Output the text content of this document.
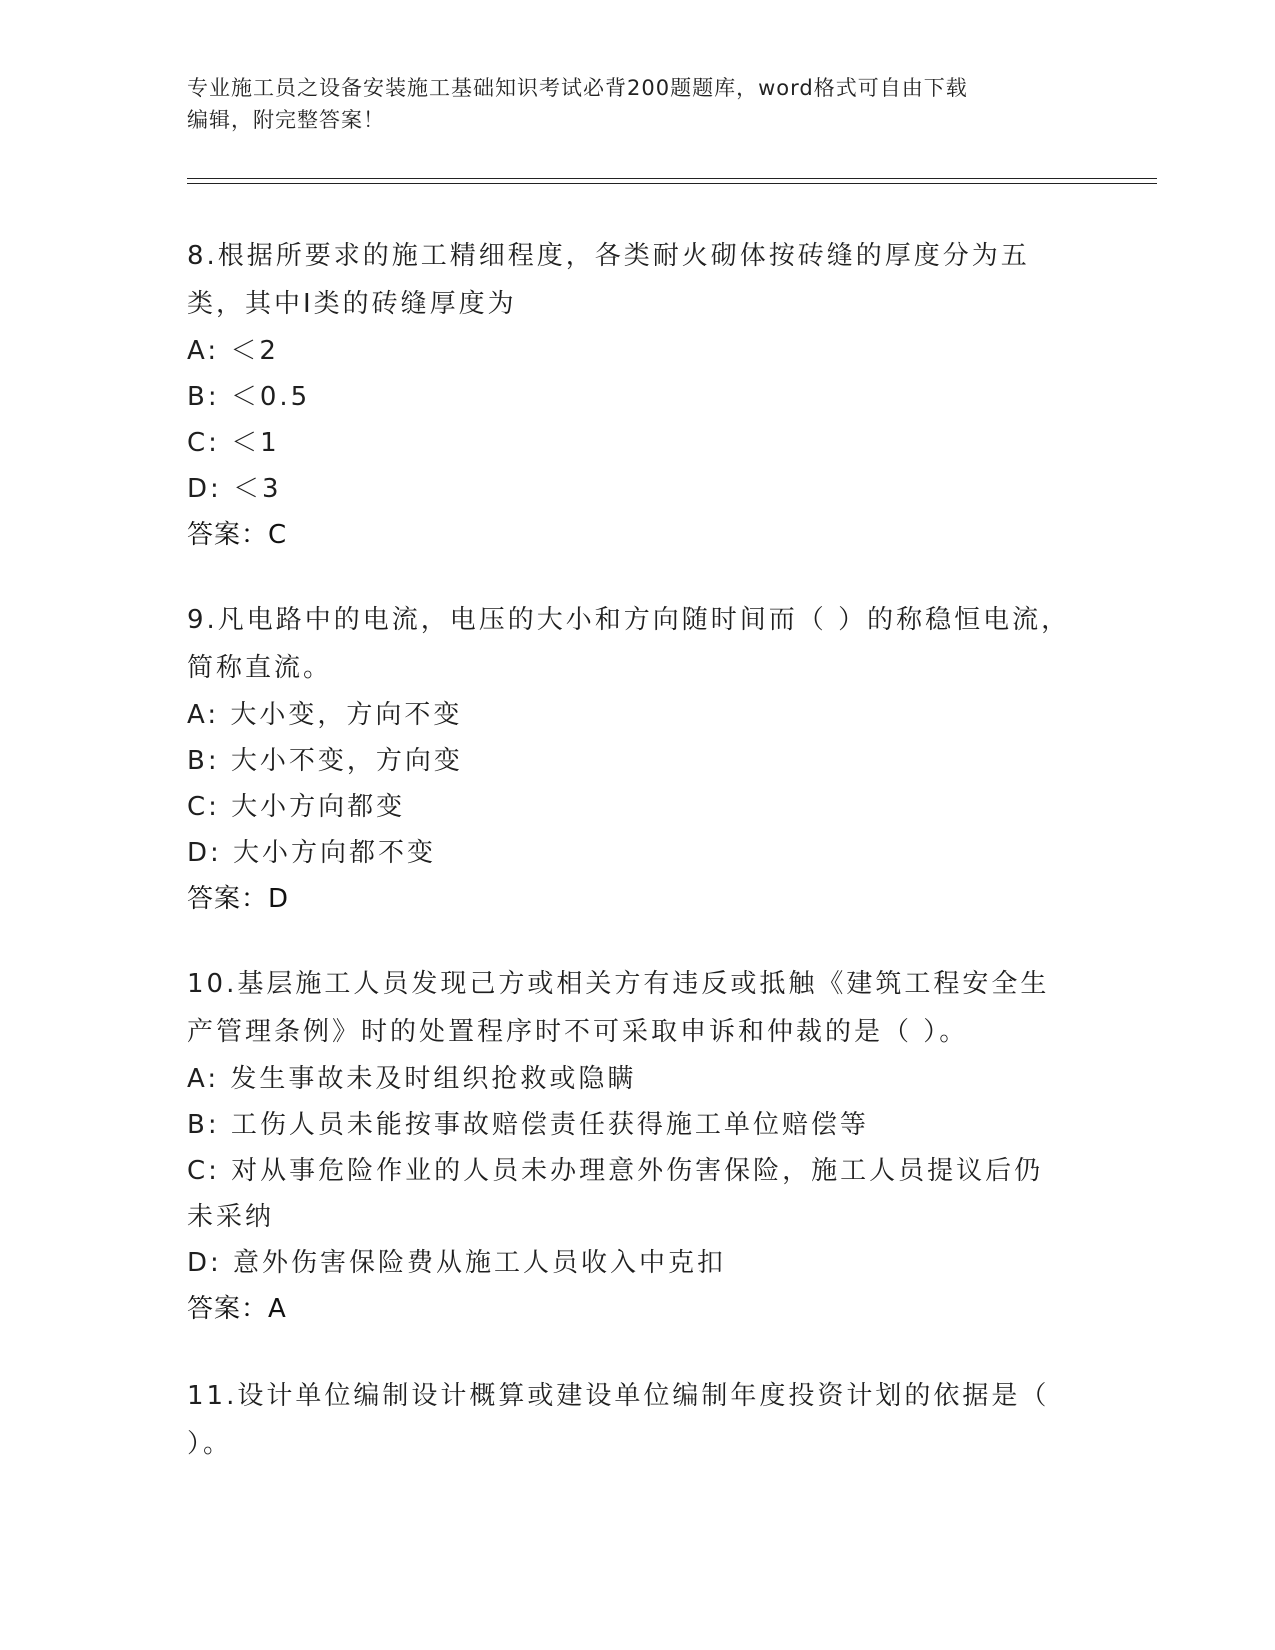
专业施工员之设备安装施工基础知识考试必背200题题库，word格式可自由下载
编辑，附完整答案！

8.根据所要求的施工精细程度，各类耐火砌体按砖缝的厚度分为五类，其中Ⅰ类的砖缝厚度为

A: ＜2

B: ＜0.5

C: ＜1

D: ＜3

答案：C

9.凡电路中的电流，电压的大小和方向随时间而（ ）的称稳恒电流，简称直流。

A: 大小变，方向不变

B: 大小不变，方向变

C: 大小方向都变

D: 大小方向都不变

答案：D

10.基层施工人员发现己方或相关方有违反或抵触《建筑工程安全生产管理条例》时的处置程序时不可采取申诉和仲裁的是（ ）。

A: 发生事故未及时组织抢救或隐瞒

B: 工伤人员未能按事故赔偿责任获得施工单位赔偿等

C: 对从事危险作业的人员未办理意外伤害保险，施工人员提议后仍未采纳

D: 意外伤害保险费从施工人员收入中克扣

答案：A

11.设计单位编制设计概算或建设单位编制年度投资计划的依据是（ ）。
